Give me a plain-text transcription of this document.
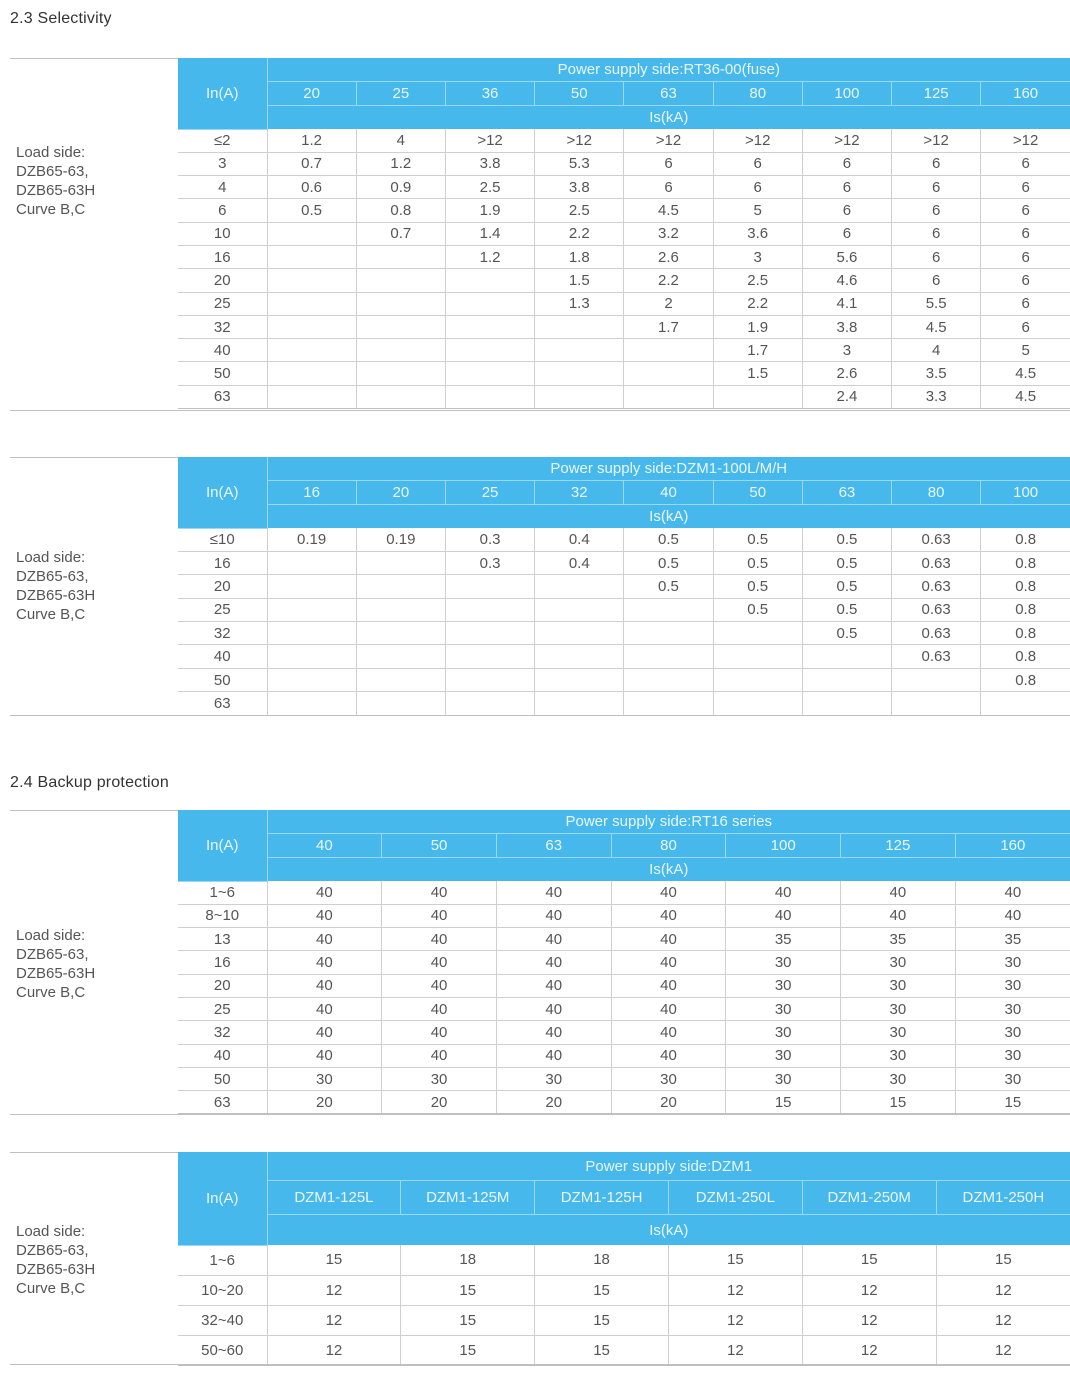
2.3 Selectivity
2.4 Backup protection
Load side:
DZB65-63,
DZB65-63H
Curve B,C
In(A)	Power supply side:RT36-00(fuse)								
	20	25	36	50	63	80	100	125	160
	Is(kA)								
≤2	1.2	4	>12	>12	>12	>12	>12	>12	>12
3	0.7	1.2	3.8	5.3	6	6	6	6	6
4	0.6	0.9	2.5	3.8	6	6	6	6	6
6	0.5	0.8	1.9	2.5	4.5	5	6	6	6
10		0.7	1.4	2.2	3.2	3.6	6	6	6
16			1.2	1.8	2.6	3	5.6	6	6
20				1.5	2.2	2.5	4.6	6	6
25				1.3	2	2.2	4.1	5.5	6
32					1.7	1.9	3.8	4.5	6
40						1.7	3	4	5
50						1.5	2.6	3.5	4.5
63							2.4	3.3	4.5
Load side:
DZB65-63,
DZB65-63H
Curve B,C
In(A)	Power supply side:DZM1-100L/M/H								
	16	20	25	32	40	50	63	80	100
	Is(kA)								
≤10	0.19	0.19	0.3	0.4	0.5	0.5	0.5	0.63	0.8
16			0.3	0.4	0.5	0.5	0.5	0.63	0.8
20					0.5	0.5	0.5	0.63	0.8
25						0.5	0.5	0.63	0.8
32							0.5	0.63	0.8
40								0.63	0.8
50									0.8
63									
Load side:
DZB65-63,
DZB65-63H
Curve B,C
In(A)	Power supply side:RT16 series						
	40	50	63	80	100	125	160
	Is(kA)						
1~6	40	40	40	40	40	40	40
8~10	40	40	40	40	40	40	40
13	40	40	40	40	35	35	35
16	40	40	40	40	30	30	30
20	40	40	40	40	30	30	30
25	40	40	40	40	30	30	30
32	40	40	40	40	30	30	30
40	40	40	40	40	30	30	30
50	30	30	30	30	30	30	30
63	20	20	20	20	15	15	15
Load side:
DZB65-63,
DZB65-63H
Curve B,C
In(A)	Power supply side:DZM1					
	DZM1-125L	DZM1-125M	DZM1-125H	DZM1-250L	DZM1-250M	DZM1-250H
	Is(kA)					
1~6	15	18	18	15	15	15
10~20	12	15	15	12	12	12
32~40	12	15	15	12	12	12
50~60	12	15	15	12	12	12
